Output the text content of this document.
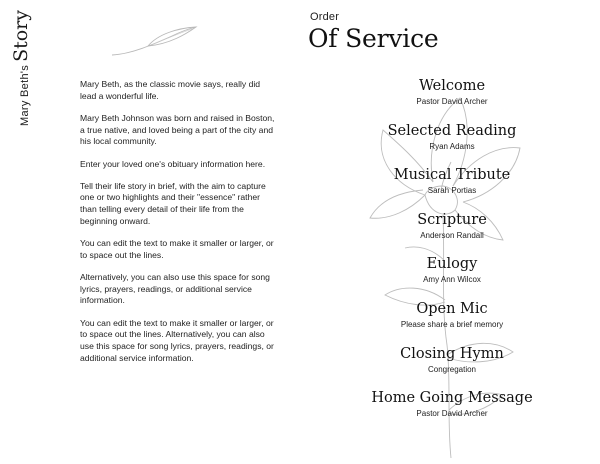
Mary Beth's
Story

Mary Beth, as the classic movie says, really did lead a wonderful life.

Mary Beth Johnson was born and raised in Boston, a true native, and loved being a part of the city and his local community.

Enter your loved one's obituary information here.

Tell their life story in brief, with the aim to capture one or two highlights and their "essence" rather than telling every detail of their life from the beginning onward.

You can edit the text to make it smaller or larger, or to space out the lines.

Alternatively, you can also use this space for song lyrics, prayers, readings, or additional service information.

You can edit the text to make it smaller or larger, or to space out the lines. Alternatively, you can also use this space for song lyrics, prayers, readings, or additional service information.

Order
Of Service
Welcome
Pastor David Archer
Selected Reading
Ryan Adams
Musical Tribute
Sarah Portias
Scripture
Anderson Randall
Eulogy
Amy Ann Wilcox
Open Mic
Please share a brief memory
Closing Hymn
Congregation
Home Going Message
Pastor David Archer
